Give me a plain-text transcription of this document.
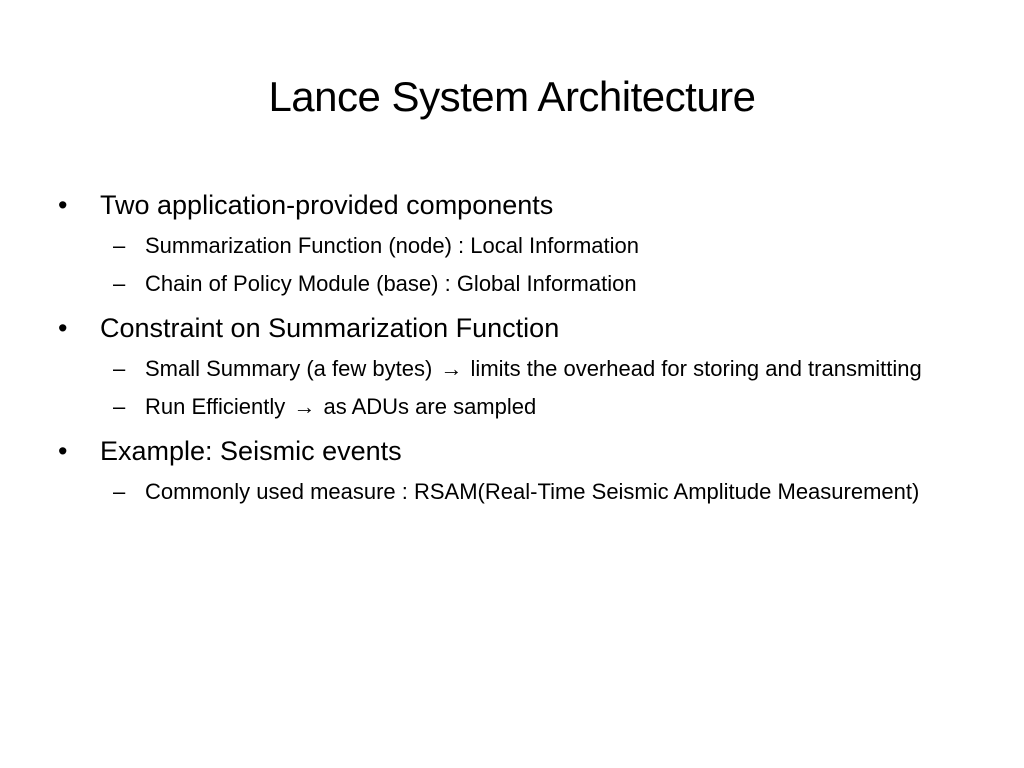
Lance System Architecture
•	Two application-provided components
– Summarization Function (node) : Local Information
– Chain of Policy Module (base) : Global Information
•	Constraint on Summarization Function
– Small Summary (a few bytes) → limits the overhead for storing and transmitting
– Run Efficiently → as ADUs are sampled
•	Example: Seismic events
– Commonly used measure : RSAM(Real-Time Seismic Amplitude Measurement)
